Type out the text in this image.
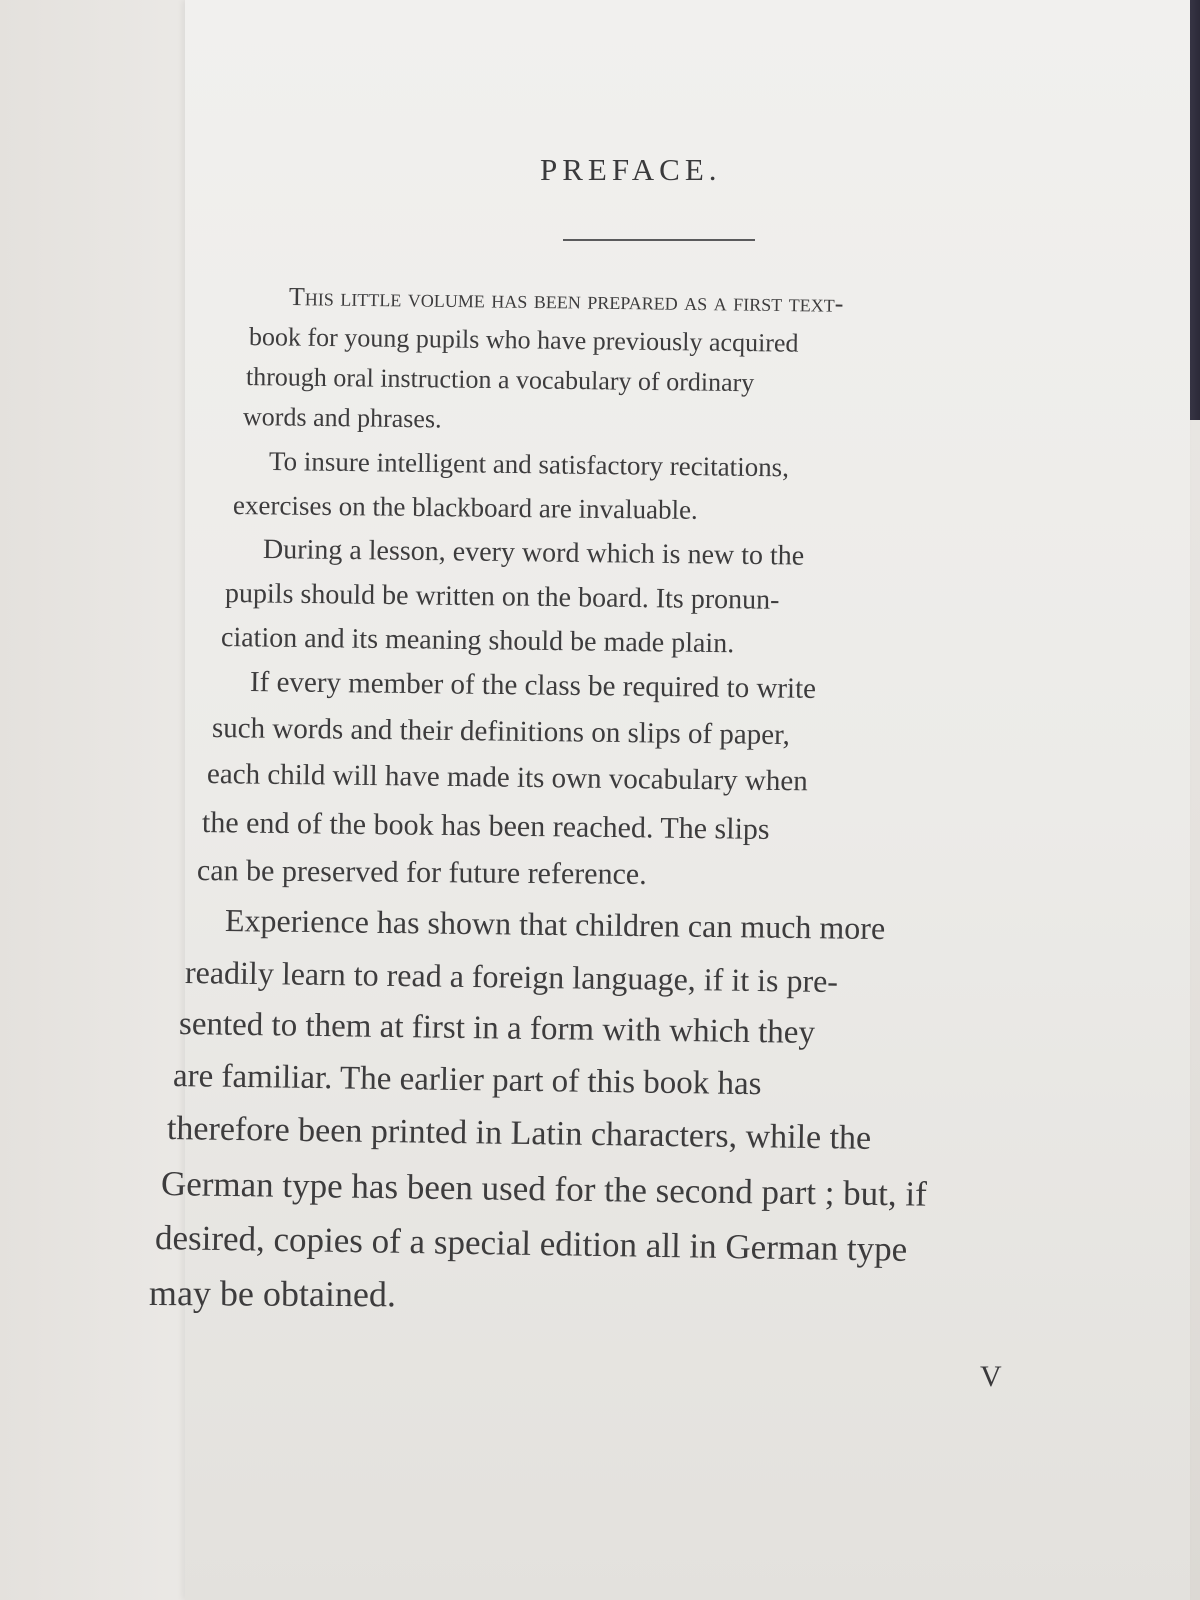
PREFACE.

This little volume has been prepared as a first text-

book for young pupils who have previously acquired

through oral instruction a vocabulary of ordinary

words and phrases.

To insure intelligent and satisfactory recitations,

exercises on the blackboard are invaluable.

During a lesson, every word which is new to the

pupils should be written on the board. Its pronun-

ciation and its meaning should be made plain.

If every member of the class be required to write

such words and their definitions on slips of paper,

each child will have made its own vocabulary when

the end of the book has been reached. The slips

can be preserved for future reference.

Experience has shown that children can much more

readily learn to read a foreign language, if it is pre-

sented to them at first in a form with which they

are familiar. The earlier part of this book has

therefore been printed in Latin characters, while the

German type has been used for the second part ; but, if

desired, copies of a special edition all in German type

may be obtained.

V
